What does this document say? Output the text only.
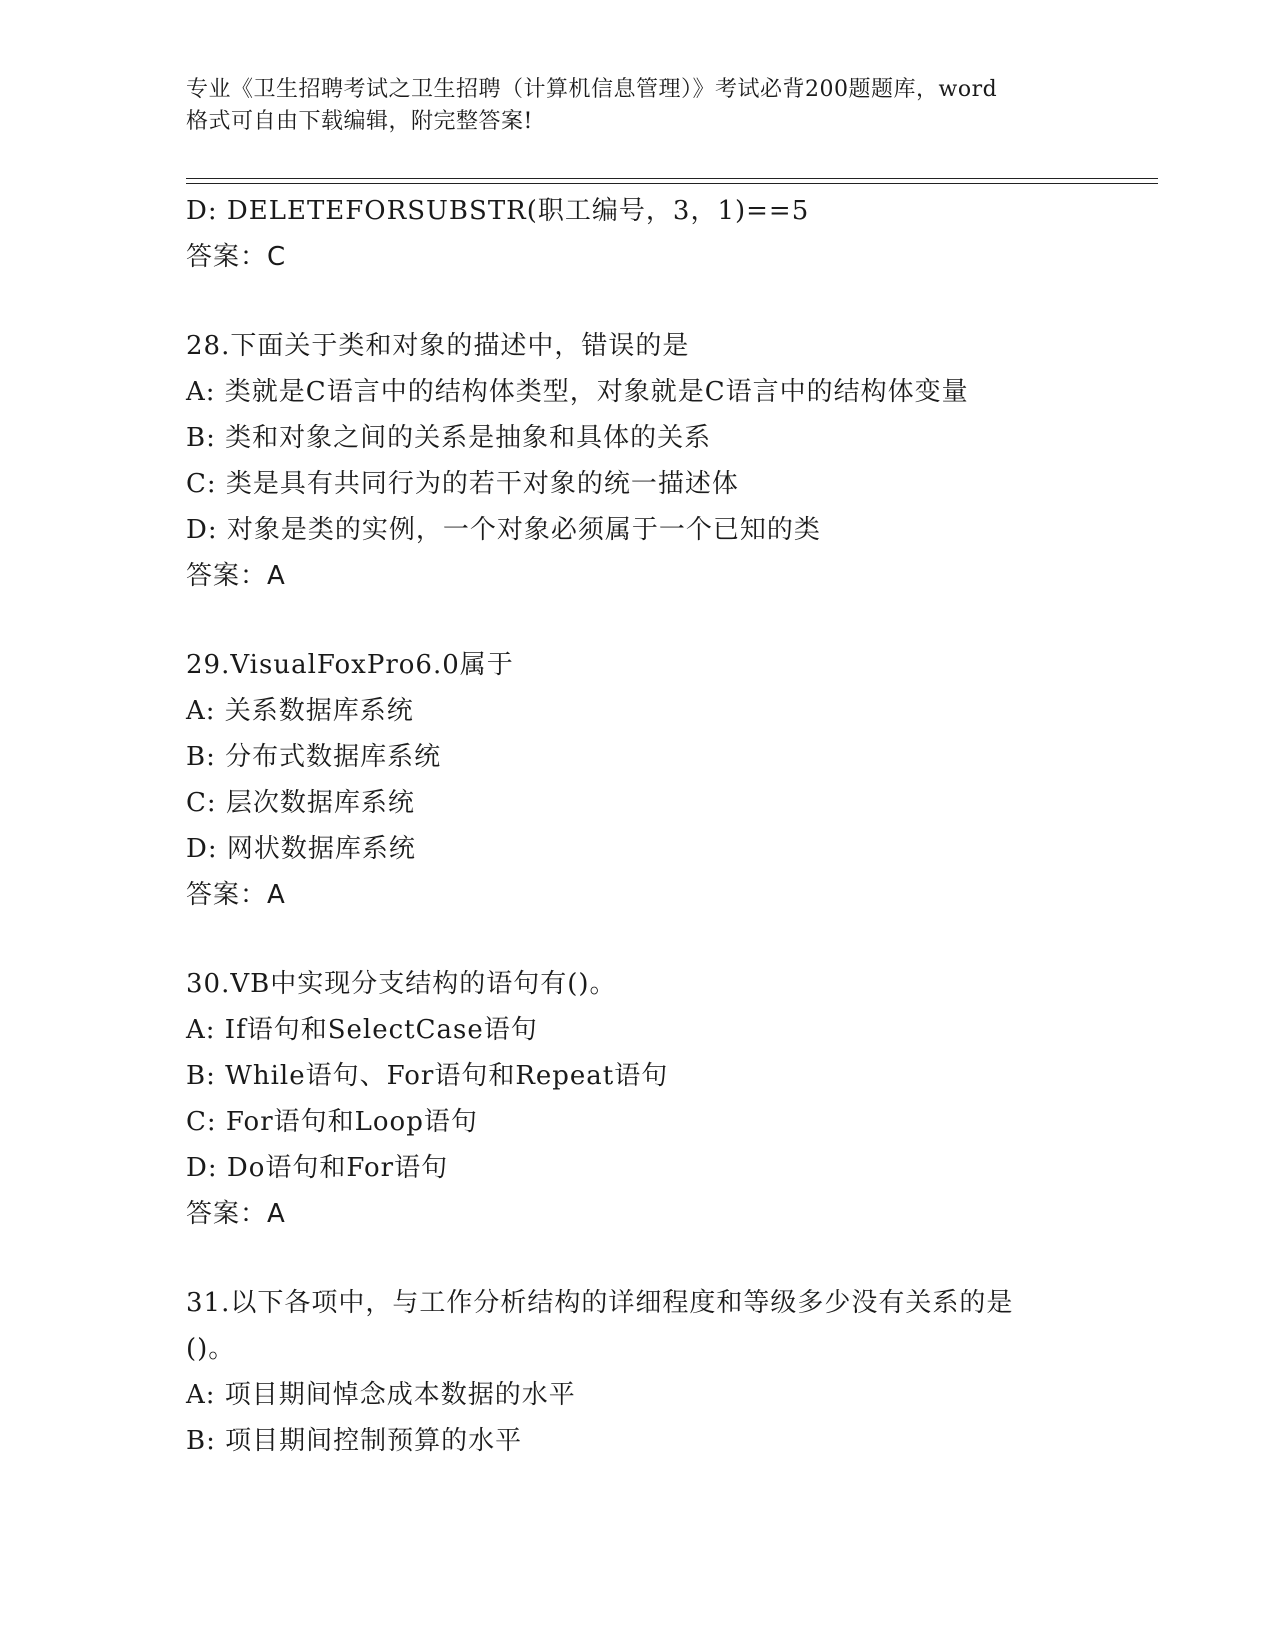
专业《卫生招聘考试之卫生招聘（计算机信息管理）》考试必背200题题库，word
格式可自由下载编辑，附完整答案!
D: DELETEFORSUBSTR(职工编号，3，1)==5
答案：C
28.下面关于类和对象的描述中，错误的是
A: 类就是C语言中的结构体类型，对象就是C语言中的结构体变量
B: 类和对象之间的关系是抽象和具体的关系
C: 类是具有共同行为的若干对象的统一描述体
D: 对象是类的实例，一个对象必须属于一个已知的类
答案：A
29.VisualFoxPro6.0属于
A: 关系数据库系统
B: 分布式数据库系统
C: 层次数据库系统
D: 网状数据库系统
答案：A
30.VB中实现分支结构的语句有()。
A: If语句和SelectCase语句
B: While语句、For语句和Repeat语句
C: For语句和Loop语句
D: Do语句和For语句
答案：A
31.以下各项中，与工作分析结构的详细程度和等级多少没有关系的是
()。
A: 项目期间悼念成本数据的水平
B: 项目期间控制预算的水平
